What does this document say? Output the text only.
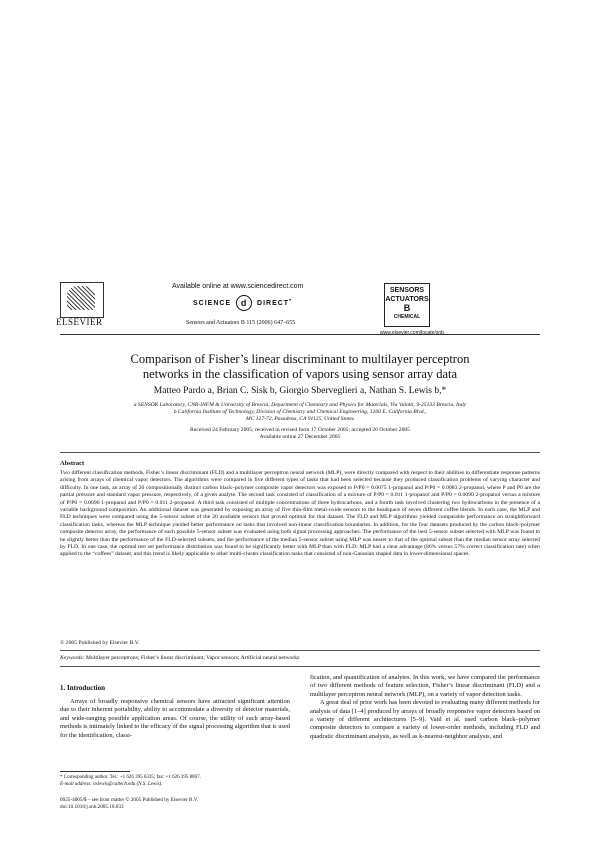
ELSEVIER
Available online at www.sciencedirect.com
SCIENCE d DIRECT•
Sensors and Actuators B 115 (2006) 647–655
SENSORS
ACTUATORS
B
CHEMICAL
www.elsevier.com/locate/snb
Comparison of Fisher’s linear discriminant to multilayer perceptron
networks in the classification of vapors using sensor array data
Matteo Pardo a, Brian C. Sisk b, Giorgio Sberveglieri a, Nathan S. Lewis b,*
a SENSOR Laboratory, CNR-INFM & University of Brescia, Department of Chemistry and Physics for Materials, Via Valotti, 9-25133 Brescia, Italy
b California Institute of Technology, Division of Chemistry and Chemical Engineering, 1200 E. California Blvd.,
MC 127-72, Pasadena, CA 91125, United States
Received 24 February 2005; received in revised form 17 October 2005; accepted 26 October 2005
Available online 27 December 2005
Abstract
Two different classification methods, Fisher’s linear discriminant (FLD) and a multilayer perceptron neural network (MLP), were directly compared with respect to their abilities to differentiate response patterns arising from arrays of chemical vapor detectors. The algorithms were compared in five different types of tasks that had been selected because they produced classification problems of varying character and difficulty. In one task, an array of 20 compositionally distinct carbon black–polymer composite vapor detectors was exposed to P/P0 = 0.0075 1-propanol and P/P0 = 0.0083 2-propanol, where P and P0 are the partial pressure and standard vapor pressure, respectively, of a given analyte. The second task consisted of classification of a mixture of P/P0 = 0.011 1-propanol and P/P0 = 0.0090 2-propanol versus a mixture of P/P0 = 0.0090 1-propanol and P/P0 = 0.011 2-propanol. A third task consisted of multiple concentrations of three hydrocarbons, and a fourth task involved clustering two hydrocarbons in the presence of a variable background composition. An additional dataset was generated by exposing an array of five thin-film metal-oxide sensors to the headspace of seven different coffee blends. In each case, the MLP and FLD techniques were compared using the 5-sensor subset of the 20 available sensors that proved optimal for that dataset. The FLD and MLP algorithms yielded comparable performance on straightforward classification tasks, whereas the MLP technique yielded better performance on tasks that involved non-linear classification boundaries. In addition, for the four datasets produced by the carbon black–polymer composite detector array, the performance of each possible 5-sensor subset was evaluated using both signal processing approaches. The performance of the best 5-sensor subset selected with MLP was found to be slightly better than the performance of the FLD-selected subsets, and the performance of the median 5-sensor subset using MLP was nearer to that of the optimal subset than the median sensor array selected by FLD. In one case, the optimal test set performance distribution was found to be significantly better with MLP than with FLD: MLP had a clear advantage (86% versus 57% correct classification rate) when applied to the “coffees” dataset, and this trend is likely applicable to other multi-cluster classification tasks that consisted of non-Gaussian shaped data in lower-dimensional spaces.
© 2005 Published by Elsevier B.V.
Keywords: Multilayer perceptrons; Fisher’s linear discriminant; Vapor sensors; Artificial neural networks
1. Introduction

Arrays of broadly responsive chemical sensors have attracted significant attention due to their inherent portability, ability to accommodate a diversity of detector materials, and wide-ranging possible application areas. Of course, the utility of such array-based methods is intimately linked to the efficacy of the signal processing algorithm that is used for the identification, classi-

fication, and quantification of analytes. In this work, we have compared the performance of two different methods of feature selection, Fisher’s linear discriminant (FLD) and a multilayer perceptron neural network (MLP), on a variety of vapor detection tasks.

A great deal of prior work has been devoted to evaluating many different methods for analysis of data [1–4] produced by arrays of broadly responsive vapor detectors based on a variety of different architectures [5–9]. Vaid et al. used carbon black–polymer composite detectors to compare a variety of lower-order methods, including FLD and quadratic discriminant analysis, as well as k-nearest-neighbor analysis, and

* Corresponding author. Tel.: +1 626 395 6335; fax: +1 626 395 8867.
E-mail address: nslewis@caltech.edu (N.S. Lewis).
0925-4005/$ – see front matter © 2005 Published by Elsevier B.V.
doi:10.1016/j.snb.2005.10.033
